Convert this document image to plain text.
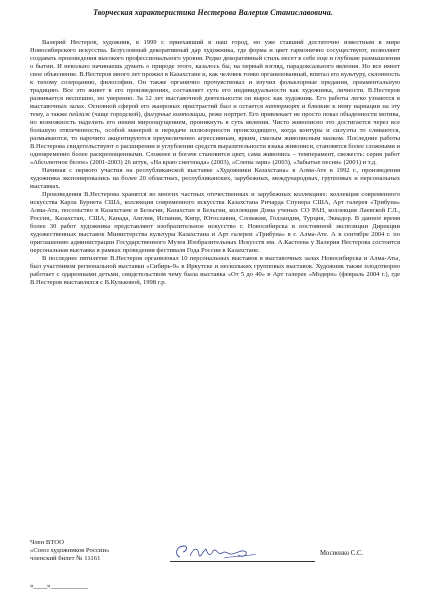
Творческая характеристика Нестерова Валерия Станиславовича.

Валерий Нестеров, художник, в 1999 г. приехавший в наш город, но уже ставший достаточно известным в мире Новосибирского искусства. Безусловный декоративный дар художника, где форма и цвет гармонично сосуществуют, позволяют создавать произведения высокого профессионального уровня. Редко декоративный стиль несет в себе еще и глубокие размышления о бытии. И невольно начинаешь думать о природе этого, казалось бы, на первый взгляд, парадоксального явления. Но все имеет свое объяснение. В.Нестеров много лет прожил в Казахстане и, как человек тонко организованный, впитал его культуру, склонность к тихому созерцанию, философии. Он также органично прочувствовал и изучил фольклорные предания, орнаментальную традицию. Все это живет в его произведениях, составляет суть его индивидуальности как художника, личности. В.Нестеров развивается неспешно, но уверенно. За 12 лет выставочной деятельности он вырос как художник. Его работы легко узнаются в выставочных залах. Основной сферой его жанровых пристрастий был и остается натюрморт и близкие к нему вариации на эту тему, а также пейзаж (чаще городской), фигурные композиции, реже портрет. Его привлекает не просто показ обыденности мотива, но возможность наделить его неким мироощущением, проникнуть в суть явления. Чисто живописно это достигается через все большую отвлеченность, особой манерой в передаче иллюзорности происходящего, когда контуры и силуэты то сливаются, размываются, то нарочито акцентируются преувеличенно агрессивным, ярким, смелым живописным мазком. Последние работы В.Нестерова свидетельствуют о расширении и углублении средств выразительности языка живописи, становятся более сложными и одновременно более раскрепощенными. Сложнее и богаче становится цвет, сама живопись – темперамент, свежесть: серия работ «Абсолютное белое» (2001-2003) 26 штук, «На краю снегопада» (2003), «Слепы зари» (2003), «Забытые песни» (2001) и т.д.

Начиная с первого участия на республиканской выставке «Художники Казахстана» в Алма-Ате в 1992 г., произведения художника экспонировались на более 20 областных, республиканских, зарубежных, международных, групповых и персональных выставках.

Произведения В.Нестерова хранятся во многих частных отечественных и зарубежных коллекциях: коллекция современного искусства Карла Бурнета США, коллекция современного искусства Казахстана Ричарда Спунера США, Арт галерея «Трибуна» Алма-Ата, посольство в Казахстане и Бельгии, Казахстан в Бельгии, коллекция Дома ученых СО РАН, коллекция Лаевской Г.Л., Россия,. Казахстан,. США, Канада, Англия, Испания, Кипр, Югославия, Словакия, Голландия, Турция, Эквадор. В данное время более 30 работ художника представляют изобразительное искусство г. Новосибирска в постоянной экспозиции Дирекции художественных выставок Министерства культуры Казахстана и Арт галереи «Трибуна» в г. Алма-Ате. А в сентябре 2004 г. по приглашению администрации Государственного Музея Изобразительных Искусств им. А.Кастеева у Валерия Нестерова состоится персональная выставка в рамках проведения фестиваля Года России в Казахстане.

В последнее пятилетие В.Нестеров организовал 10 персональных выставок в выставочных залах Новосибирска и Алма-Аты, был участником региональной выставки «Сибирь-9» в Иркутске и нескольких групповых выставок. Художник также плодотворно работает с одаренными детьми, свидетельством чему была выставка «От 5 до 40» в Арт галерее «Модерн» (февраль 2004 г.), где В.Нестеров выставлялся с В.Кульковой, 1998 г.р.

Член ВТОО
«Союз художников России»
членский билет № 11161
Мосиенко С.С.
«____»___________
